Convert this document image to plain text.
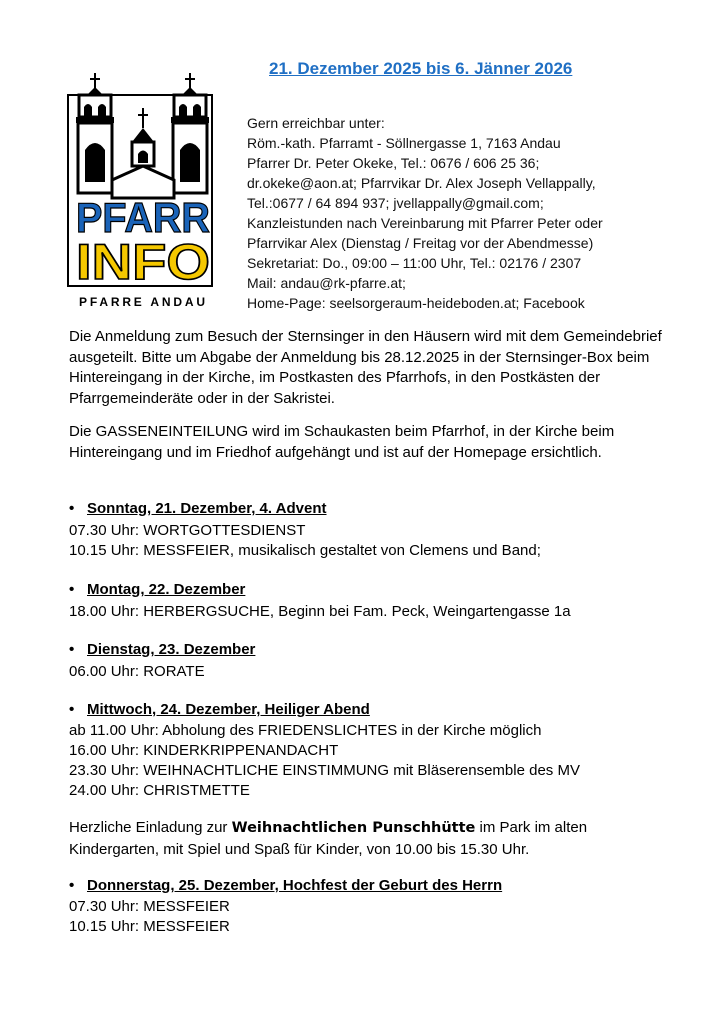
21. Dezember 2025 bis 6. Jänner 2026
PFARR
INFO
PFARRE ANDAU
Gern erreichbar unter:
Röm.-kath. Pfarramt - Söllnergasse 1, 7163 Andau
Pfarrer Dr. Peter Okeke, Tel.: 0676 / 606 25 36;
dr.okeke@aon.at; Pfarrvikar Dr. Alex Joseph Vellappally,
Tel.:0677 / 64 894 937; jvellappally@gmail.com;
Kanzleistunden nach Vereinbarung mit Pfarrer Peter oder
Pfarrvikar Alex (Dienstag / Freitag vor der Abendmesse)
Sekretariat: Do., 09:00 – 11:00 Uhr, Tel.: 02176 / 2307
Mail: andau@rk-pfarre.at;
Home-Page: seelsorgeraum-heideboden.at; Facebook
Die Anmeldung zum Besuch der Sternsinger in den Häusern wird mit dem Gemeindebrief ausgeteilt. Bitte um Abgabe der Anmeldung bis 28.12.2025 in der Sternsinger-Box beim Hintereingang in der Kirche, im Postkasten des Pfarrhofs, in den Postkästen der Pfarrgemeinderäte oder in der Sakristei.
Die GASSENEINTEILUNG wird im Schaukasten beim Pfarrhof, in der Kirche beim Hintereingang und im Friedhof aufgehängt und ist auf der Homepage ersichtlich.
• Sonntag, 21. Dezember, 4. Advent
07.30 Uhr: WORTGOTTESDIENST
10.15 Uhr: MESSFEIER, musikalisch gestaltet von Clemens und Band;
• Montag, 22. Dezember
18.00 Uhr: HERBERGSUCHE, Beginn bei Fam. Peck, Weingartengasse 1a
• Dienstag, 23. Dezember
06.00 Uhr: RORATE
• Mittwoch, 24. Dezember, Heiliger Abend
ab 11.00 Uhr: Abholung des FRIEDENSLICHTES in der Kirche möglich
16.00 Uhr: KINDERKRIPPENANDACHT
23.30 Uhr: WEIHNACHTLICHE EINSTIMMUNG mit Bläserensemble des MV
24.00 Uhr: CHRISTMETTE
Herzliche Einladung zur Weihnachtlichen Punschhütte im Park im alten Kindergarten, mit Spiel und Spaß für Kinder, von 10.00 bis 15.30 Uhr.
• Donnerstag, 25. Dezember, Hochfest der Geburt des Herrn
07.30 Uhr: MESSFEIER
10.15 Uhr: MESSFEIER
